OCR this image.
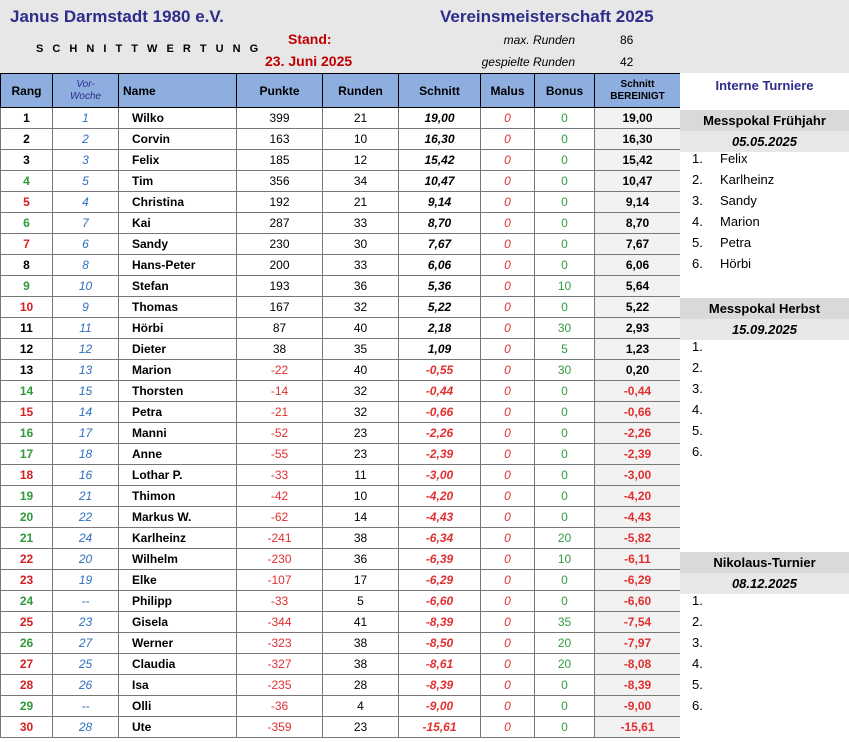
Janus Darmstadt 1980 e.V.	Vereinsmeisterschaft 2025
S C H N I T T W E R T U N G
Stand:
23. Juni 2025
max. Runden	86
gespielte Runden	42
Rang	Vor-
Woche	Name	Punkte	Runden	Schnitt	Malus	Bonus	Schnitt
BEREINIGT
1	1	Wilko	399	21	19,00	0	0	19,00
2	2	Corvin	163	10	16,30	0	0	16,30
3	3	Felix	185	12	15,42	0	0	15,42
4	5	Tim	356	34	10,47	0	0	10,47
5	4	Christina	192	21	9,14	0	0	9,14
6	7	Kai	287	33	8,70	0	0	8,70
7	6	Sandy	230	30	7,67	0	0	7,67
8	8	Hans-Peter	200	33	6,06	0	0	6,06
9	10	Stefan	193	36	5,36	0	10	5,64
10	9	Thomas	167	32	5,22	0	0	5,22
11	11	Hörbi	87	40	2,18	0	30	2,93
12	12	Dieter	38	35	1,09	0	5	1,23
13	13	Marion	-22	40	-0,55	0	30	0,20
14	15	Thorsten	-14	32	-0,44	0	0	-0,44
15	14	Petra	-21	32	-0,66	0	0	-0,66
16	17	Manni	-52	23	-2,26	0	0	-2,26
17	18	Anne	-55	23	-2,39	0	0	-2,39
18	16	Lothar P.	-33	11	-3,00	0	0	-3,00
19	21	Thimon	-42	10	-4,20	0	0	-4,20
20	22	Markus W.	-62	14	-4,43	0	0	-4,43
21	24	Karlheinz	-241	38	-6,34	0	20	-5,82
22	20	Wilhelm	-230	36	-6,39	0	10	-6,11
23	19	Elke	-107	17	-6,29	0	0	-6,29
24	--	Philipp	-33	5	-6,60	0	0	-6,60
25	23	Gisela	-344	41	-8,39	0	35	-7,54
26	27	Werner	-323	38	-8,50	0	20	-7,97
27	25	Claudia	-327	38	-8,61	0	20	-8,08
28	26	Isa	-235	28	-8,39	0	0	-8,39
29	--	Olli	-36	4	-9,00	0	0	-9,00
30	28	Ute	-359	23	-15,61	0	0	-15,61
Interne Turniere
Messpokal Frühjahr
05.05.2025
1. Felix
2. Karlheinz
3. Sandy
4. Marion
5. Petra
6. Hörbi
Messpokal Herbst
15.09.2025
1.
2.
3.
4.
5.
6.
Nikolaus-Turnier
08.12.2025
1.
2.
3.
4.
5.
6.
